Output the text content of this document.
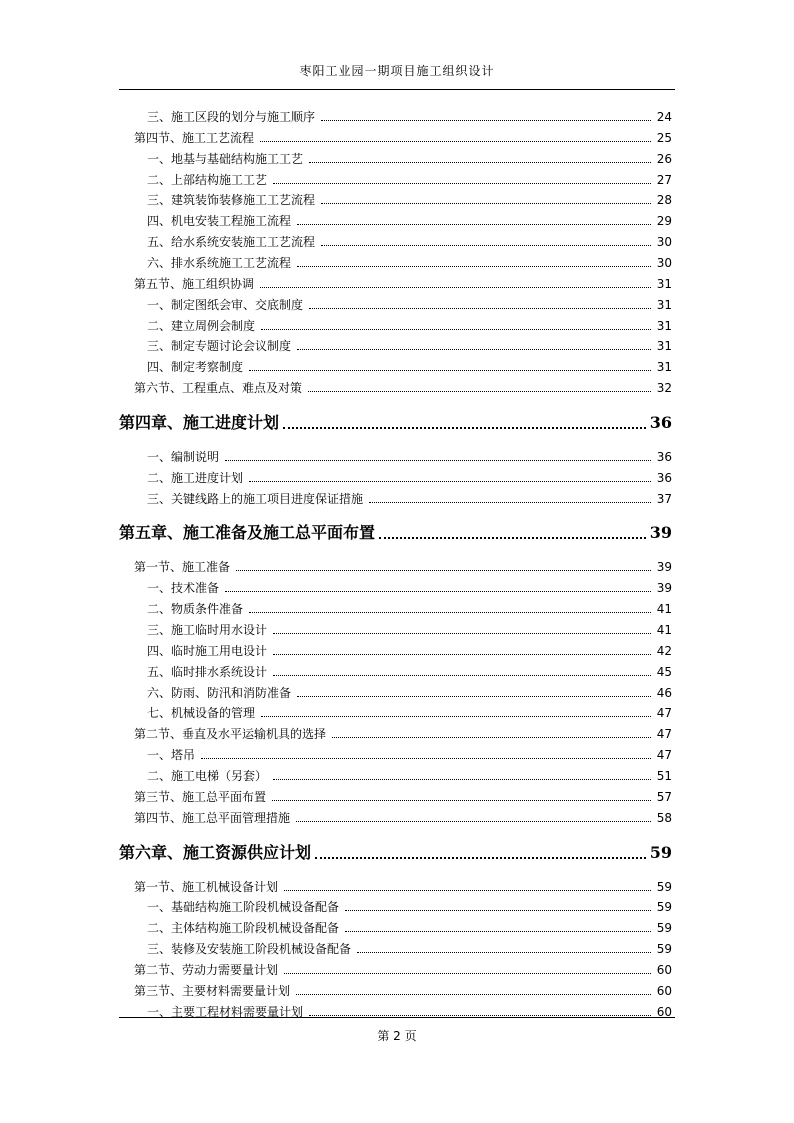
枣阳工业园一期项目施工组织设计
三、施工区段的划分与施工顺序	24
第四节、施工工艺流程	25
一、地基与基础结构施工工艺	26
二、上部结构施工工艺	27
三、建筑装饰装修施工工艺流程	28
四、机电安装工程施工流程	29
五、给水系统安装施工工艺流程	30
六、排水系统施工工艺流程	30
第五节、施工组织协调	31
一、制定图纸会审、交底制度	31
二、建立周例会制度	31
三、制定专题讨论会议制度	31
四、制定考察制度	31
第六节、工程重点、难点及对策	32
第四章、施工进度计划	36
一、编制说明	36
二、施工进度计划	36
三、关键线路上的施工项目进度保证措施	37
第五章、施工准备及施工总平面布置	39
第一节、施工准备	39
一、技术准备	39
二、物质条件准备	41
三、施工临时用水设计	41
四、临时施工用电设计	42
五、临时排水系统设计	45
六、防雨、防汛和消防准备	46
七、机械设备的管理	47
第二节、垂直及水平运输机具的选择	47
一、塔吊	47
二、施工电梯（另套）	51
第三节、施工总平面布置	57
第四节、施工总平面管理措施	58
第六章、施工资源供应计划	59
第一节、施工机械设备计划	59
一、基础结构施工阶段机械设备配备	59
二、主体结构施工阶段机械设备配备	59
三、装修及安装施工阶段机械设备配备	59
第二节、劳动力需要量计划	60
第三节、主要材料需要量计划	60
一、主要工程材料需要量计划	60
第 2 页
